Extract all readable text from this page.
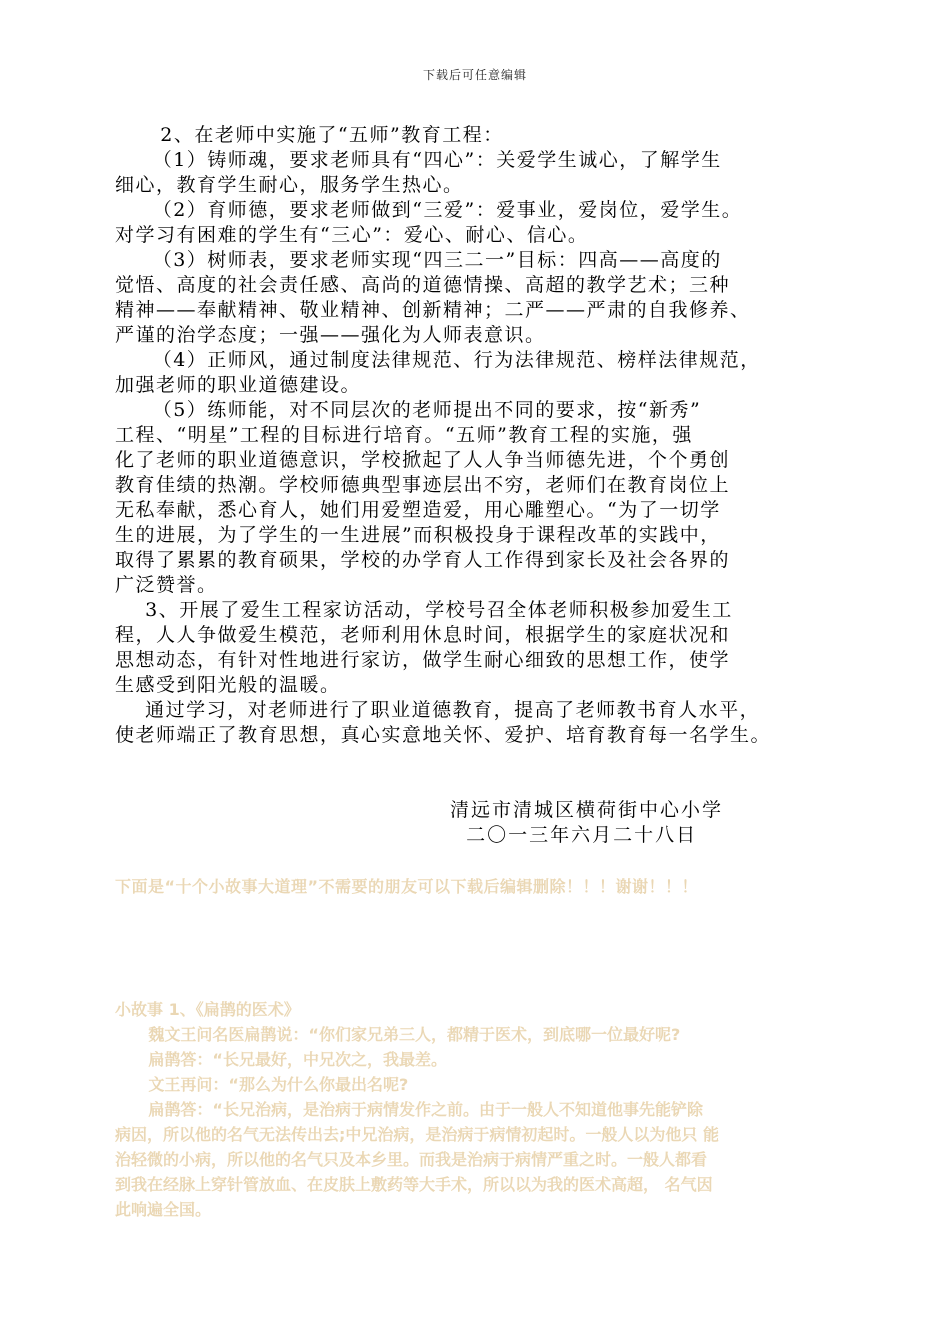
下载后可任意编辑

2、在老师中实施了“五师”教育工程：

（1）铸师魂，要求老师具有“四心”：关爱学生诚心，了解学生

细心，教育学生耐心，服务学生热心。

（2）育师德，要求老师做到“三爱”：爱事业，爱岗位，爱学生。

对学习有困难的学生有“三心”：爱心、耐心、信心。

（3）树师表，要求老师实现“四三二一”目标：四高——高度的

觉悟、高度的社会责任感、高尚的道德情操、高超的教学艺术；三种

精神——奉献精神、敬业精神、创新精神；二严——严肃的自我修养、

严谨的治学态度；一强——强化为人师表意识。

（4）正师风，通过制度法律规范、行为法律规范、榜样法律规范，

加强老师的职业道德建设。

（5）练师能，对不同层次的老师提出不同的要求，按“新秀”

工程、“明星”工程的目标进行培育。“五师”教育工程的实施，强

化了老师的职业道德意识，学校掀起了人人争当师德先进，个个勇创

教育佳绩的热潮。学校师德典型事迹层出不穷，老师们在教育岗位上

无私奉献，悉心育人，她们用爱塑造爱，用心雕塑心。“为了一切学

生的进展，为了学生的一生进展”而积极投身于课程改革的实践中，

取得了累累的教育硕果，学校的办学育人工作得到家长及社会各界的

广泛赞誉。

3、开展了爱生工程家访活动，学校号召全体老师积极参加爱生工

程，人人争做爱生模范，老师利用休息时间，根据学生的家庭状况和

思想动态，有针对性地进行家访，做学生耐心细致的思想工作，使学

生感受到阳光般的温暖。

通过学习，对老师进行了职业道德教育，提高了老师教书育人水平，

使老师端正了教育思想，真心实意地关怀、爱护、培育教育每一名学生。

清远市清城区横荷街中心小学
二〇一三年六月二十八日

下面是“十个小故事大道理”不需要的朋友可以下载后编辑删除！！！谢谢！！！

小故事 1、《扁鹊的医术》

魏文王问名医扁鹊说：“你们家兄弟三人，都精于医术，到底哪一位最好呢?

扁鹊答：“长兄最好，中兄次之，我最差。

文王再问：“那么为什么你最出名呢?

扁鹊答：“长兄治病，是治病于病情发作之前。由于一般人不知道他事先能铲除

病因，所以他的名气无法传出去;中兄治病，是治病于病情初起时。一般人以为他只 能

治轻微的小病，所以他的名气只及本乡里。而我是治病于病情严重之时。一般人都看

到我在经脉上穿针管放血、在皮肤上敷药等大手术，所以以为我的医术高超， 名气因

此响遍全国。
